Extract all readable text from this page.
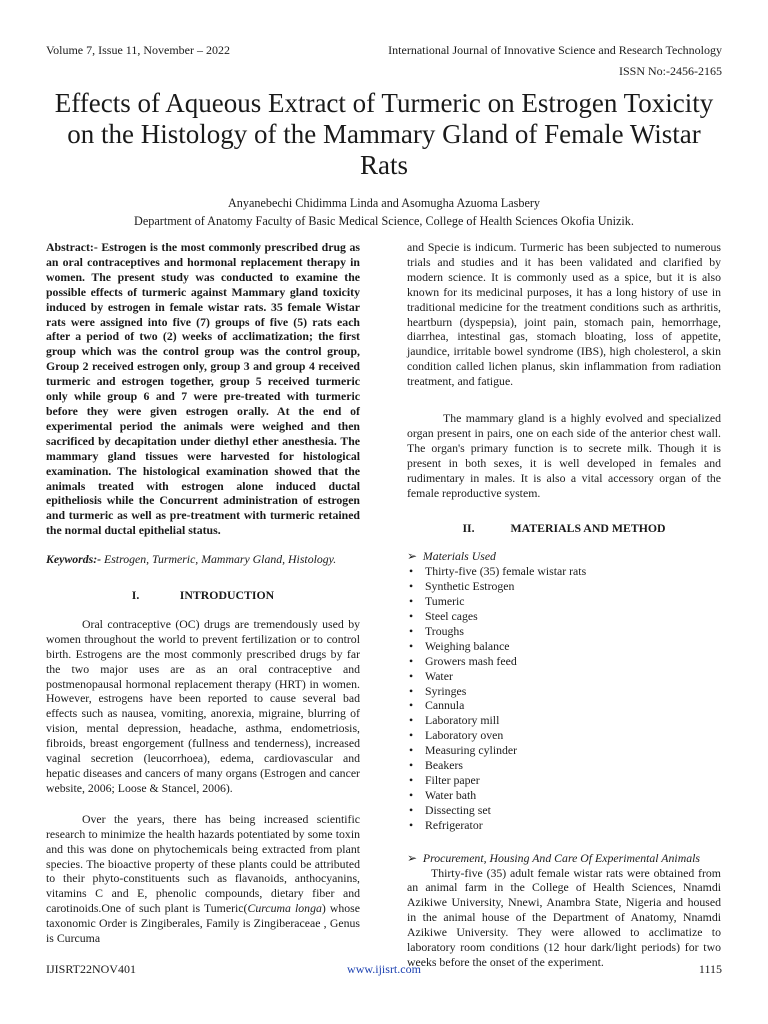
Volume 7, Issue 11, November – 2022	International Journal of Innovative Science and Research Technology
ISSN No:-2456-2165
Effects of Aqueous Extract of Turmeric on Estrogen Toxicity on the Histology of the Mammary Gland of Female Wistar Rats
Anyanebechi Chidimma Linda and Asomugha Azuoma Lasbery
Department of Anatomy Faculty of Basic Medical Science, College of Health Sciences Okofia Unizik.

Abstract:- Estrogen is the most commonly prescribed drug as an oral contraceptives and hormonal replacement therapy in women. The present study was conducted to examine the possible effects of turmeric against Mammary gland toxicity induced by estrogen in female wistar rats. 35 female Wistar rats were assigned into five (7) groups of five (5) rats each after a period of two (2) weeks of acclimatization; the first group which was the control group was the control group, Group 2 received estrogen only, group 3 and group 4 received turmeric and estrogen together, group 5 received turmeric only while group 6 and 7 were pre-treated with turmeric before they were given estrogen orally. At the end of experimental period the animals were weighed and then sacrificed by decapitation under diethyl ether anesthesia. The mammary gland tissues were harvested for histological examination. The histological examination showed that the animals treated with estrogen alone induced ductal epitheliosis while the Concurrent administration of estrogen and turmeric as well as pre-treatment with turmeric retained the normal ductal epithelial status.

Keywords:- Estrogen, Turmeric, Mammary Gland, Histology.

I.	INTRODUCTION

Oral contraceptive (OC) drugs are tremendously used by women throughout the world to prevent fertilization or to control birth. Estrogens are the most commonly prescribed drugs by far the two major uses are as an oral contraceptive and postmenopausal hormonal replacement therapy (HRT) in women. However, estrogens have been reported to cause several bad effects such as nausea, vomiting, anorexia, migraine, blurring of vision, mental depression, headache, asthma, endometriosis, fibroids, breast engorgement (fullness and tenderness), increased vaginal secretion (leucorrhoea), edema, cardiovascular and hepatic diseases and cancers of many organs (Estrogen and cancer website, 2006; Loose & Stancel, 2006).

Over the years, there has being increased scientific research to minimize the health hazards potentiated by some toxin and this was done on phytochemicals being extracted from plant species. The bioactive property of these plants could be attributed to their phyto-constituents such as flavanoids, anthocyanins, vitamins C and E, phenolic compounds, dietary fiber and carotinoids.One of such plant is Tumeric(Curcuma longa) whose taxonomic Order is Zingiberales, Family is Zingiberaceae , Genus is Curcuma

and Specie is indicum. Turmeric has been subjected to numerous trials and studies and it has been validated and clarified by modern science. It is commonly used as a spice, but it is also known for its medicinal purposes, it has a long history of use in traditional medicine for the treatment conditions such as arthritis, heartburn (dyspepsia), joint pain, stomach pain, hemorrhage, diarrhea, intestinal gas, stomach bloating, loss of appetite, jaundice, irritable bowel syndrome (IBS), high cholesterol, a skin condition called lichen planus, skin inflammation from radiation treatment, and fatigue.

The mammary gland is a highly evolved and specialized organ present in pairs, one on each side of the anterior chest wall. The organ's primary function is to secrete milk. Though it is present in both sexes, it is well developed in females and rudimentary in males. It is also a vital accessory organ of the female reproductive system.

II.	MATERIALS AND METHOD
➢ Materials Used
• Thirty-five (35) female wistar rats
• Synthetic Estrogen
• Tumeric
• Steel cages
• Troughs
• Weighing balance
• Growers mash feed
• Water
• Syringes
• Cannula
• Laboratory mill
• Laboratory oven
• Measuring cylinder
• Beakers
• Filter paper
• Water bath
• Dissecting set
• Refrigerator
➢ Procurement, Housing And Care Of Experimental Animals

Thirty-five (35) adult female wistar rats were obtained from an animal farm in the College of Health Sciences, Nnamdi Azikiwe University, Nnewi, Anambra State, Nigeria and housed in the animal house of the Department of Anatomy, Nnamdi Azikiwe University. They were allowed to acclimatize to laboratory room conditions (12 hour dark/light periods) for two weeks before the onset of the experiment.

IJISRT22NOV401	www.ijisrt.com	1115
